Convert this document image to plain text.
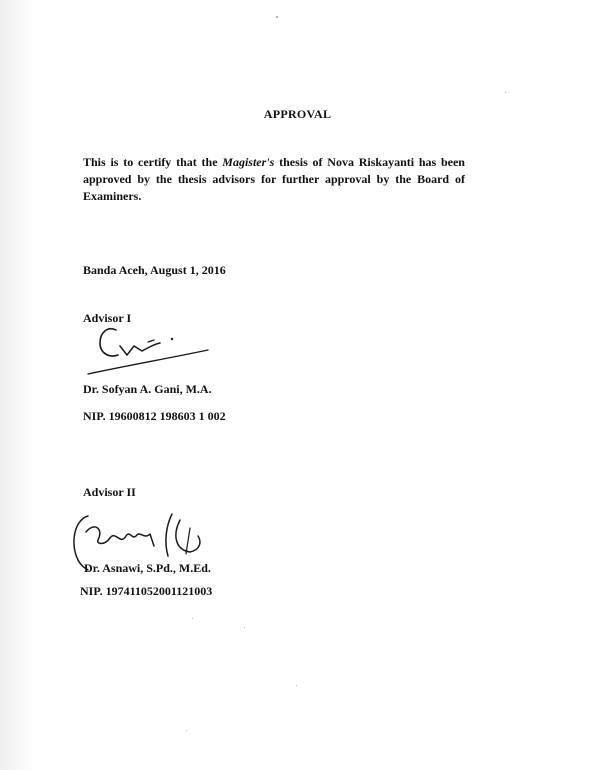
APPROVAL
This is to certify that the Magister's thesis of Nova Riskayanti has been approved by the thesis advisors for further approval by the Board of Examiners.
Banda Aceh, August 1, 2016
Advisor I
Dr. Sofyan A. Gani, M.A.
NIP. 19600812 198603 1 002
Advisor II
Dr. Asnawi, S.Pd., M.Ed.
NIP. 197411052001121003
